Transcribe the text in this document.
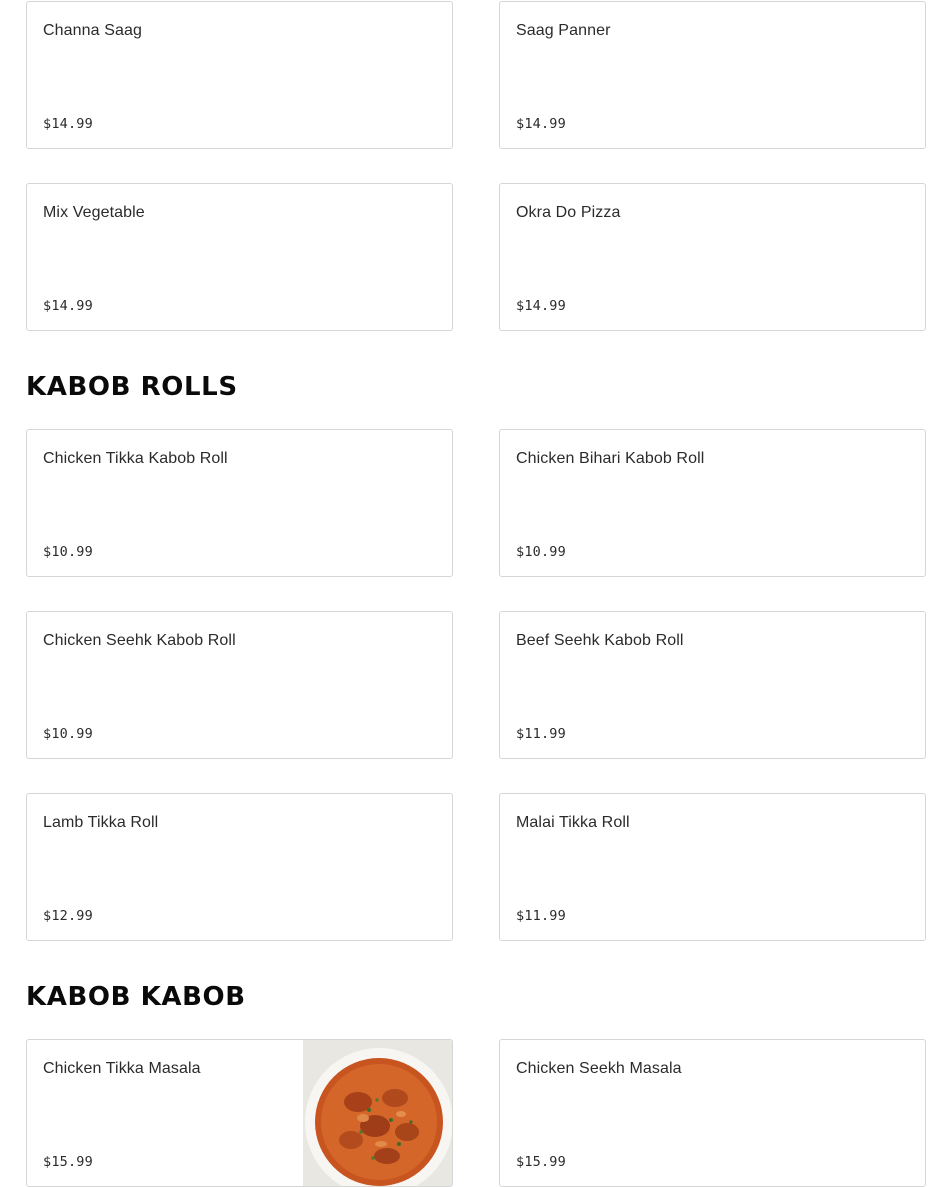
Channa Saag
$14.99
Saag Panner
$14.99
Mix Vegetable
$14.99
Okra Do Pizza
$14.99
KABOB ROLLS
Chicken Tikka Kabob Roll
$10.99
Chicken Bihari Kabob Roll
$10.99
Chicken Seehk Kabob Roll
$10.99
Beef Seehk Kabob Roll
$11.99
Lamb Tikka Roll
$12.99
Malai Tikka Roll
$11.99
KABOB KABOB
Chicken Tikka Masala
$15.99
Chicken Seekh Masala
$15.99
